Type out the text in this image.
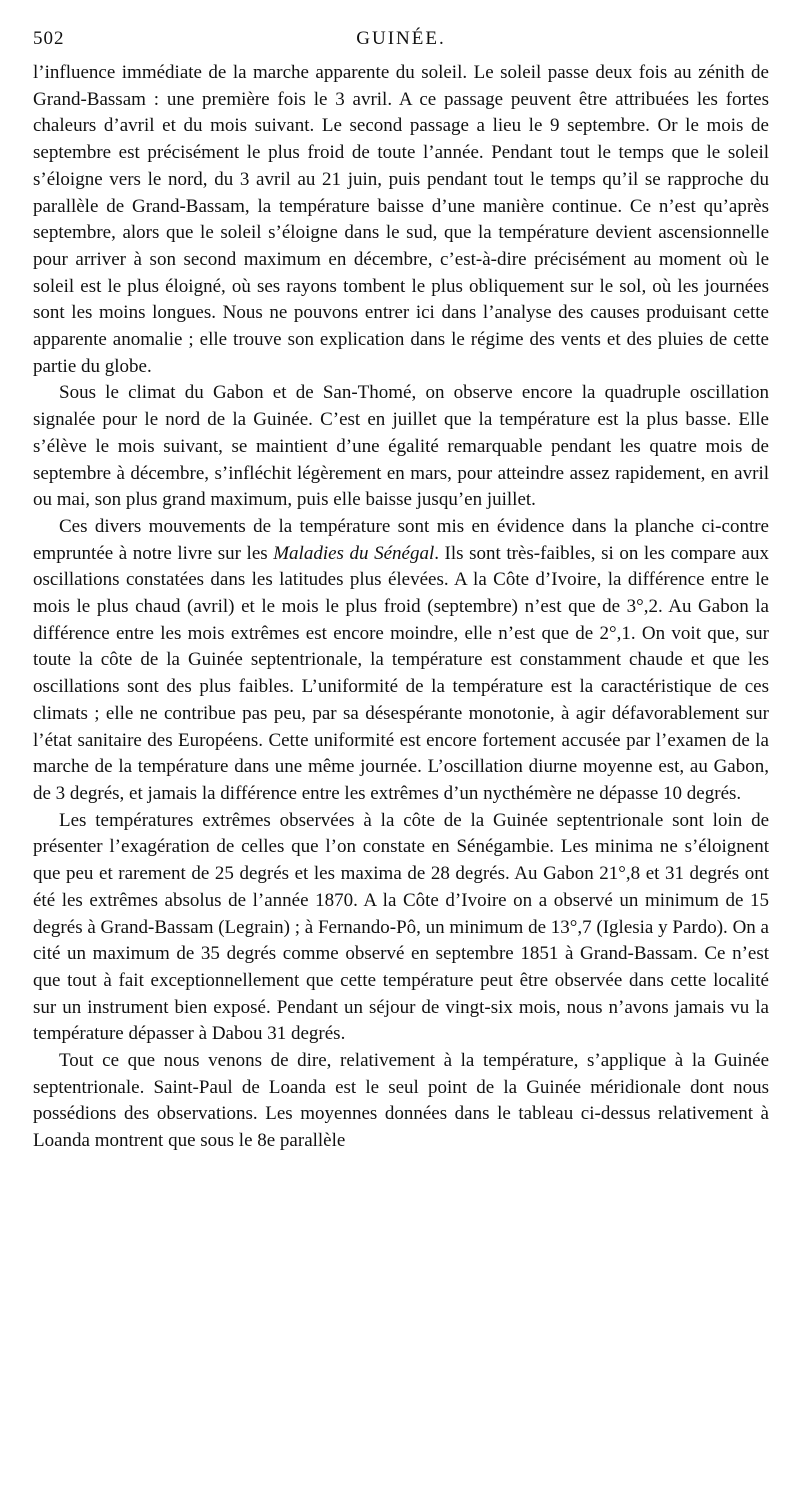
502	GUINÉE.

l’influence immédiate de la marche apparente du soleil. Le soleil passe deux fois au zénith de Grand-Bassam : une première fois le 3 avril. A ce passage peuvent être attribuées les fortes chaleurs d’avril et du mois suivant. Le second passage a lieu le 9 septembre. Or le mois de septembre est précisément le plus froid de toute l’année. Pendant tout le temps que le soleil s’éloigne vers le nord, du 3 avril au 21 juin, puis pendant tout le temps qu’il se rapproche du parallèle de Grand-Bassam, la température baisse d’une manière continue. Ce n’est qu’après septembre, alors que le soleil s’éloigne dans le sud, que la température devient ascensionnelle pour arriver à son second maximum en décembre, c’est-à-dire précisément au moment où le soleil est le plus éloigné, où ses rayons tombent le plus obliquement sur le sol, où les journées sont les moins longues. Nous ne pouvons entrer ici dans l’analyse des causes produisant cette apparente anomalie ; elle trouve son explication dans le régime des vents et des pluies de cette partie du globe.

Sous le climat du Gabon et de San-Thomé, on observe encore la quadruple oscillation signalée pour le nord de la Guinée. C’est en juillet que la température est la plus basse. Elle s’élève le mois suivant, se maintient d’une égalité remarquable pendant les quatre mois de septembre à décembre, s’infléchit légèrement en mars, pour atteindre assez rapidement, en avril ou mai, son plus grand maximum, puis elle baisse jusqu’en juillet.

Ces divers mouvements de la température sont mis en évidence dans la planche ci-contre empruntée à notre livre sur les Maladies du Sénégal. Ils sont très-faibles, si on les compare aux oscillations constatées dans les latitudes plus élevées. A la Côte d’Ivoire, la différence entre le mois le plus chaud (avril) et le mois le plus froid (septembre) n’est que de 3°,2. Au Gabon la différence entre les mois extrêmes est encore moindre, elle n’est que de 2°,1. On voit que, sur toute la côte de la Guinée septentrionale, la température est constamment chaude et que les oscillations sont des plus faibles. L’uniformité de la température est la caractéristique de ces climats ; elle ne contribue pas peu, par sa désespérante monotonie, à agir défavorablement sur l’état sanitaire des Européens. Cette uniformité est encore fortement accusée par l’examen de la marche de la température dans une même journée. L’oscillation diurne moyenne est, au Gabon, de 3 degrés, et jamais la différence entre les extrêmes d’un nycthémère ne dépasse 10 degrés.

Les températures extrêmes observées à la côte de la Guinée septentrionale sont loin de présenter l’exagération de celles que l’on constate en Sénégambie. Les minima ne s’éloignent que peu et rarement de 25 degrés et les maxima de 28 degrés. Au Gabon 21°,8 et 31 degrés ont été les extrêmes absolus de l’année 1870. A la Côte d’Ivoire on a observé un minimum de 15 degrés à Grand-Bassam (Legrain) ; à Fernando-Pô, un minimum de 13°,7 (Iglesia y Pardo). On a cité un maximum de 35 degrés comme observé en septembre 1851 à Grand-Bassam. Ce n’est que tout à fait exceptionnellement que cette température peut être observée dans cette localité sur un instrument bien exposé. Pendant un séjour de vingt-six mois, nous n’avons jamais vu la température dépasser à Dabou 31 degrés.

Tout ce que nous venons de dire, relativement à la température, s’applique à la Guinée septentrionale. Saint-Paul de Loanda est le seul point de la Guinée méridionale dont nous possédions des observations. Les moyennes données dans le tableau ci-dessus relativement à Loanda montrent que sous le 8e parallèle
